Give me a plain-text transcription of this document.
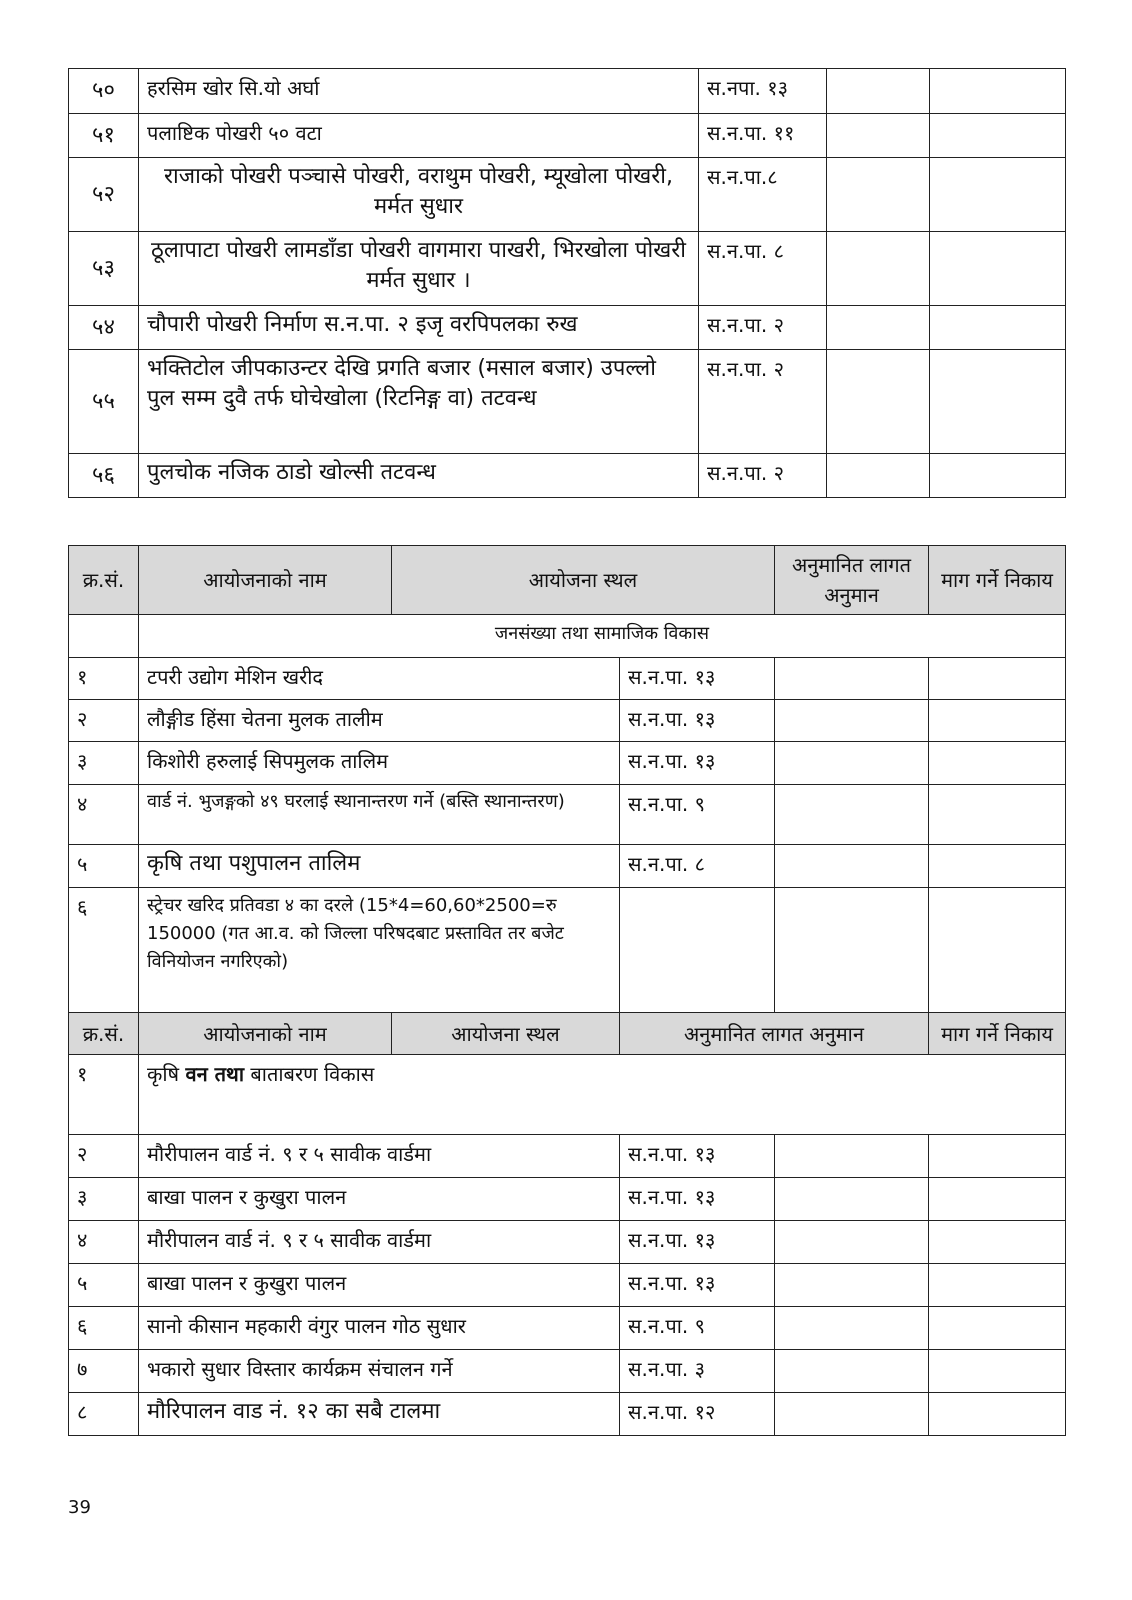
५०	हरसिम खोर सि.यो अर्घा	स.नपा. १३		
५१	पलाष्टिक पोखरी ५० वटा	स.न.पा. ११		
५२	राजाको पोखरी पञ्चासे पोखरी, वराथुम पोखरी, म्यूखोला पोखरी, मर्मत सुधार	स.न.पा.८		
५३	ठूलापाटा पोखरी लामडाँडा पोखरी वागमारा पाखरी, भिरखोला पोखरी मर्मत सुधार ।	स.न.पा. ८		
५४	चौपारी पोखरी निर्माण स.न.पा. २ इजृ वरपिपलका रुख	स.न.पा. २		
५५	भक्तिटोल जीपकाउन्टर देखि प्रगति बजार (मसाल बजार) उपल्लो पुल सम्म दुवै तर्फ घोचेखोला (रिटनिङ्ग वा) तटवन्ध	स.न.पा. २		
५६	पुलचोक नजिक ठाडो खोल्सी तटवन्ध	स.न.पा. २		
क्र.सं.	आयोजनाको नाम	आयोजना स्थल		अनुमानित लागत अनुमान	माग गर्ने निकाय
	जनसंख्या तथा सामाजिक विकास				
१	टपरी उद्योग मेशिन खरीद		स.न.पा. १३		
२	लौङ्गीड हिंसा चेतना मुलक तालीम		स.न.पा. १३		
३	किशोरी हरुलाई सिपमुलक तालिम		स.न.पा. १३		
४	वार्ड नं. भुजङ्गको ४९ घरलाई स्थानान्तरण गर्ने (बस्ति स्थानान्तरण)		स.न.पा. ९		
५	कृषि तथा पशुपालन तालिम		स.न.पा. ८		
६	स्ट्रेचर खरिद प्रतिवडा ४ का दरले (15*4=60,60*2500=रु 150000 (गत आ.व. को जिल्ला परिषदबाट प्रस्तावित तर बजेट विनियोजन नगरिएको)				
क्र.सं.	आयोजनाको नाम	आयोजना स्थल	अनुमानित लागत अनुमान		माग गर्ने निकाय
१	कृषि वन तथा बाताबरण विकास				
२	मौरीपालन वार्ड नं. ९ र ५ सावीक वार्डमा		स.न.पा. १३		
३	बाखा पालन र कुखुरा पालन		स.न.पा. १३		
४	मौरीपालन वार्ड नं. ९ र ५ सावीक वार्डमा		स.न.पा. १३		
५	बाखा पालन र कुखुरा पालन		स.न.पा. १३		
६	सानो कीसान महकारी वंगुर पालन गोठ सुधार		स.न.पा. ९		
७	भकारो सुधार विस्तार कार्यक्रम संचालन गर्ने		स.न.पा. ३		
८	मौरिपालन वाड नं. १२ का सबै टालमा		स.न.पा. १२		
39
